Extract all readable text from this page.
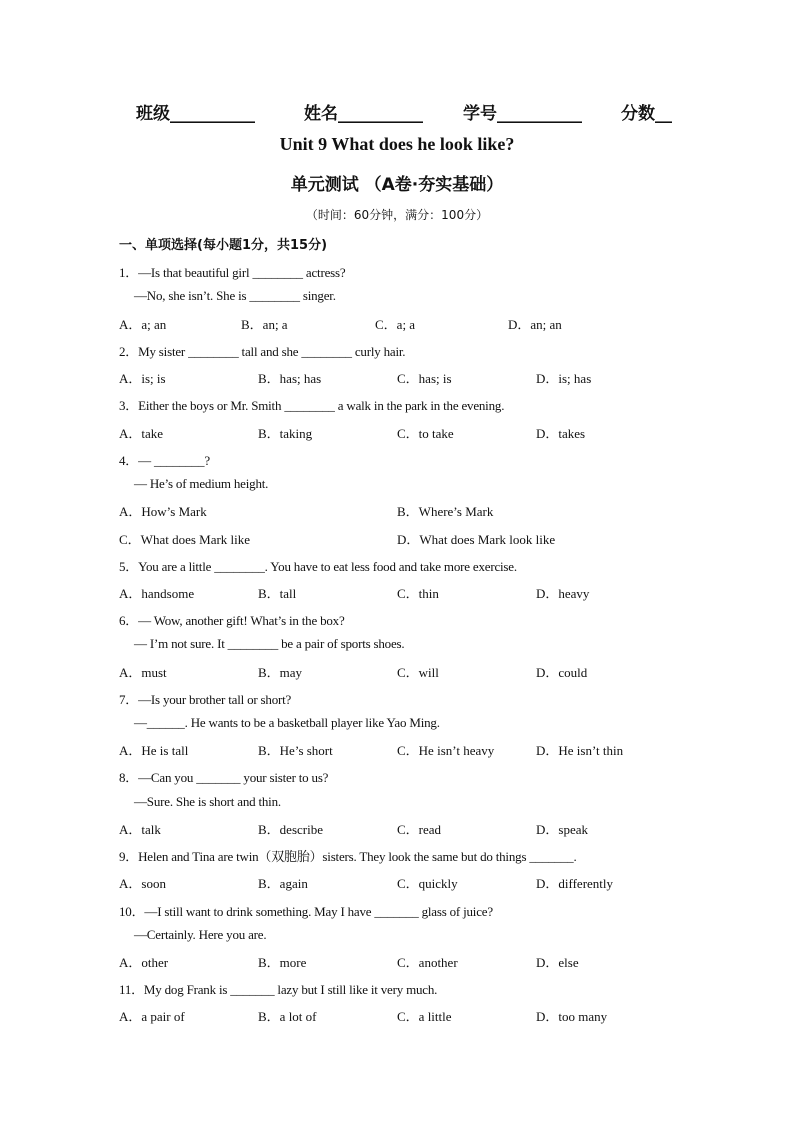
班级__________	姓名__________ 学号__________ 分数__
Unit 9 What does he look like?
单元测试 （A卷·夯实基础）
（时间：60分钟，满分：100分）
一、单项选择(每小题1分，共15分)
1．—Is that beautiful girl ________ actress?
—No, she isn’t. She is ________ singer.
A．a; an	B．an; a	C．a; a	D．an; an
2．My sister ________ tall and she ________ curly hair.
A．is; is	B．has; has	C．has; is	D．is; has
3．Either the boys or Mr. Smith ________ a walk in the park in the evening.
A．take	B．taking	C．to take	D．takes
4．— ________?
— He’s of medium height.
A．How’s Mark	B．Where’s Mark
C．What does Mark like	D．What does Mark look like
5．You are a little ________. You have to eat less food and take more exercise.
A．handsome	B．tall	C．thin	D．heavy
6．— Wow, another gift! What’s in the box?
— I’m not sure. It ________ be a pair of sports shoes.
A．must	B．may	C．will	D．could
7．—Is your brother tall or short?
—______. He wants to be a basketball player like Yao Ming.
A．He is tall	B．He’s short	C．He isn’t heavy	D．He isn’t thin
8．—Can you _______ your sister to us?
—Sure. She is short and thin.
A．talk	B．describe	C．read	D．speak
9．Helen and Tina are twin（双胞胎）sisters. They look the same but do things _______.
A．soon	B．again	C．quickly	D．differently
10．—I still want to drink something. May I have _______ glass of juice?
—Certainly. Here you are.
A．other	B．more	C．another	D．else
11．My dog Frank is _______ lazy but I still like it very much.
A．a pair of	B．a lot of	C．a little	D．too many
